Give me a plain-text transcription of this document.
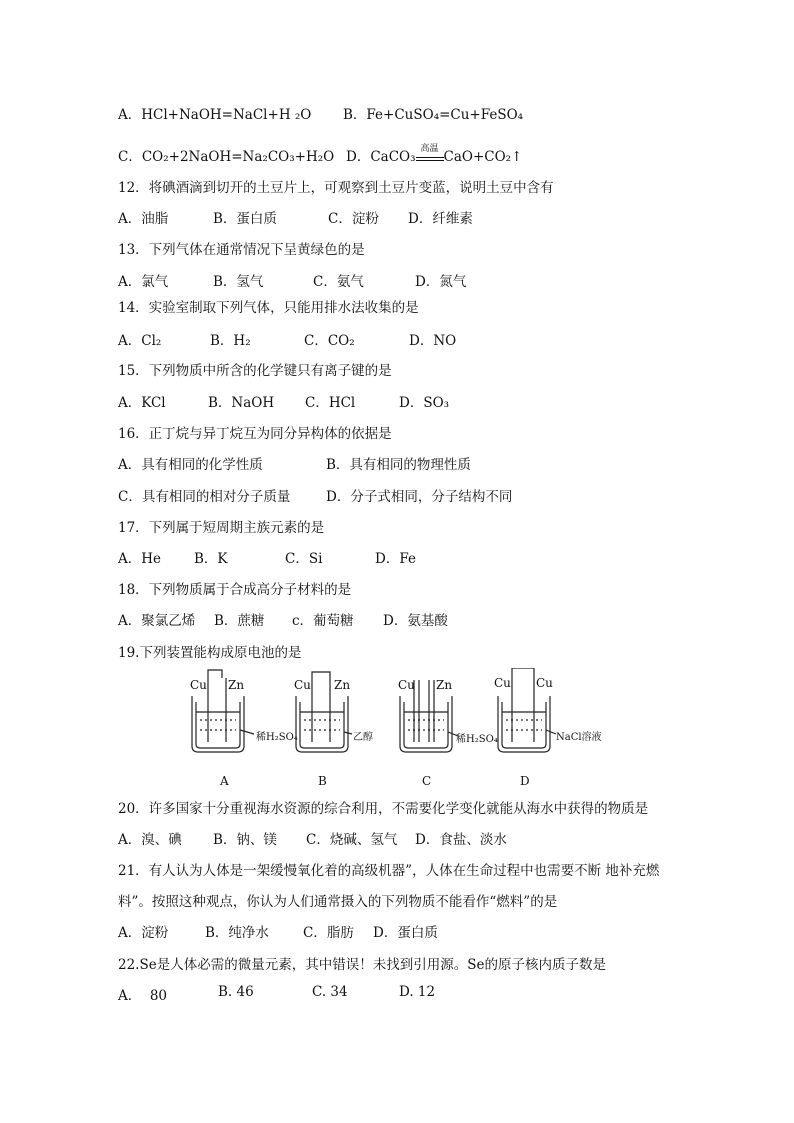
A．HCl+NaOH=NaCl+H ₂O B．Fe+CuSO₄=Cu+FeSO₄
C．CO₂+2NaOH=Na₂CO₃+H₂O D．CaCO₃ 高温 CaO+CO₂↑
12．将碘酒滴到切开的土豆片上，可观察到土豆片变蓝，说明土豆中含有
A．油脂	B．蛋白质	C．淀粉 D．纤维素
13．下列气体在通常情况下呈黄绿色的是
A．氯气	B．氢气	C．氨气	D．氮气
14．实验室制取下列气体，只能用排水法收集的是
A．Cl₂	B．H₂	C．CO₂	D．NO
15．下列物质中所含的化学键只有离子键的是
A．KCl	B．NaOH C．HCl	D．SO₃
16．正丁烷与异丁烷互为同分异构体的依据是
A．具有相同的化学性质	B．具有相同的物理性质
C．具有相同的相对分子质量	D．分子式相同，分子结构不同
17．下列属于短周期主族元素的是
A．He B．K	C．Si	D．Fe
18．下列物质属于合成高分子材料的是
A．聚氯乙烯 B．蔗糖 c．葡萄糖 D．氨基酸
19.下列装置能构成原电池的是
Cu Zn
稀H₂SO₄
A
Cu Zn
乙醇
B
Cu Zn
稀H₂SO₄
C
Cu Cu
NaCl溶液
D
20．许多国家十分重视海水资源的综合利用，不需要化学变化就能从海水中获得的物质是
A．溴、碘 B．钠、镁 C．烧碱、氢气 D．食盐、淡水
21．有人认为人体是一架缓慢氧化着的高级机器”，人体在生命过程中也需要不断 地补充燃
料”。按照这种观点，你认为人们通常摄入的下列物质不能看作“燃料”的是
A．淀粉	B．纯净水	C．脂肪 D．蛋白质
22.Se是人体必需的微量元素，其中错误！未找到引用源。Se的原子核内质子数是
A．  80	B. 46	C. 34	D. 12
